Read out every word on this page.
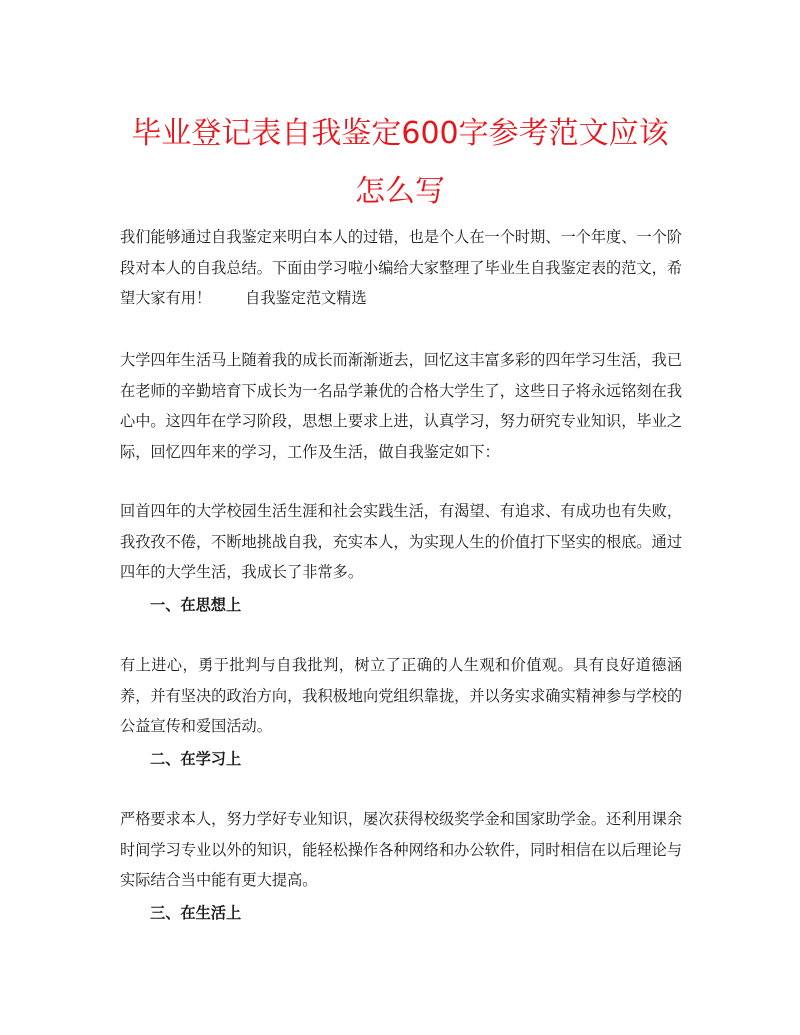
毕业登记表自我鉴定600字参考范文应该
怎么写

我们能够通过自我鉴定来明白本人的过错，也是个人在一个时期、一个年度、一个阶段对本人的自我总结。下面由学习啦小编给大家整理了毕业生自我鉴定表的范文，希望大家有用！ 自我鉴定范文精选

大学四年生活马上随着我的成长而渐渐逝去，回忆这丰富多彩的四年学习生活，我已在老师的辛勤培育下成长为一名品学兼优的合格大学生了，这些日子将永远铭刻在我心中。这四年在学习阶段，思想上要求上进，认真学习，努力研究专业知识，毕业之际，回忆四年来的学习，工作及生活，做自我鉴定如下：

回首四年的大学校园生活生涯和社会实践生活，有渴望、有追求、有成功也有失败，我孜孜不倦，不断地挑战自我，充实本人，为实现人生的价值打下坚实的根底。通过四年的大学生活，我成长了非常多。

一、在思想上

有上进心，勇于批判与自我批判，树立了正确的人生观和价值观。具有良好道德涵养，并有坚决的政治方向，我积极地向党组织靠拢，并以务实求确实精神参与学校的公益宣传和爱国活动。

二、在学习上

严格要求本人，努力学好专业知识，屡次获得校级奖学金和国家助学金。还利用课余时间学习专业以外的知识，能轻松操作各种网络和办公软件，同时相信在以后理论与实际结合当中能有更大提高。

三、在生活上
